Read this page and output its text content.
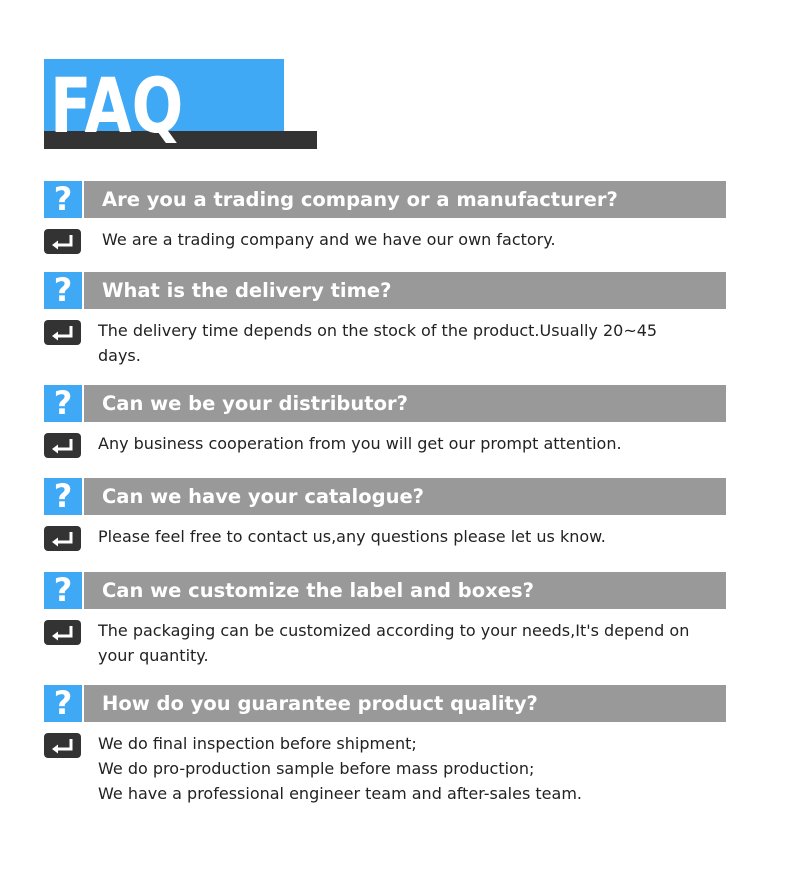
FAQ
?	Are you a trading company or a manufacturer?
We are a trading company and we have our own factory.
?	What is the delivery time?
The delivery time depends on the stock of the product.Usually 20~45
days.
?	Can we be your distributor?
Any business cooperation from you will get our prompt attention.
?	Can we have your catalogue?
Please feel free to contact us,any questions please let us know.
?	Can we customize the label and boxes?
The packaging can be customized according to your needs,It's depend on
your quantity.
?	How do you guarantee product quality?
We do final inspection before shipment;
We do pro-production sample before mass production;
We have a professional engineer team and after-sales team.
